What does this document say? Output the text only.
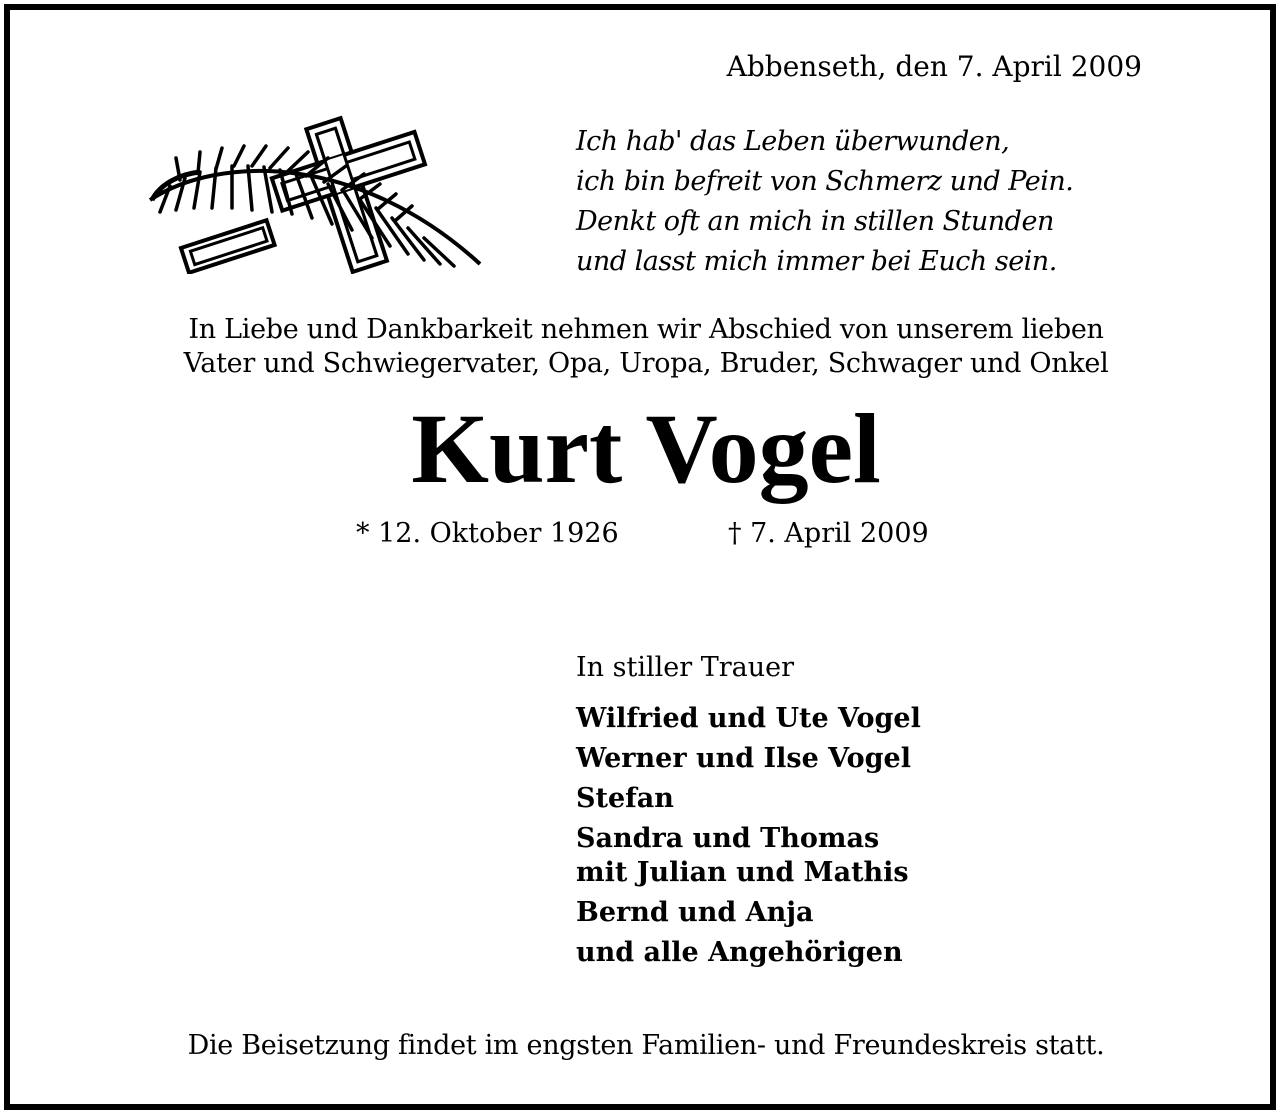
Abbenseth, den 7. April 2009
Ich hab' das Leben überwunden,
ich bin befreit von Schmerz und Pein.
Denkt oft an mich in stillen Stunden
und lasst mich immer bei Euch sein.
In Liebe und Dankbarkeit nehmen wir Abschied von unserem lieben
Vater und Schwiegervater, Opa, Uropa, Bruder, Schwager und Onkel
Kurt Vogel
* 12. Oktober 1926	† 7. April 2009
In stiller Trauer
Wilfried und Ute Vogel
Werner und Ilse Vogel
Stefan
Sandra und Thomas
mit Julian und Mathis
Bernd und Anja
und alle Angehörigen
Die Beisetzung findet im engsten Familien- und Freundeskreis statt.
